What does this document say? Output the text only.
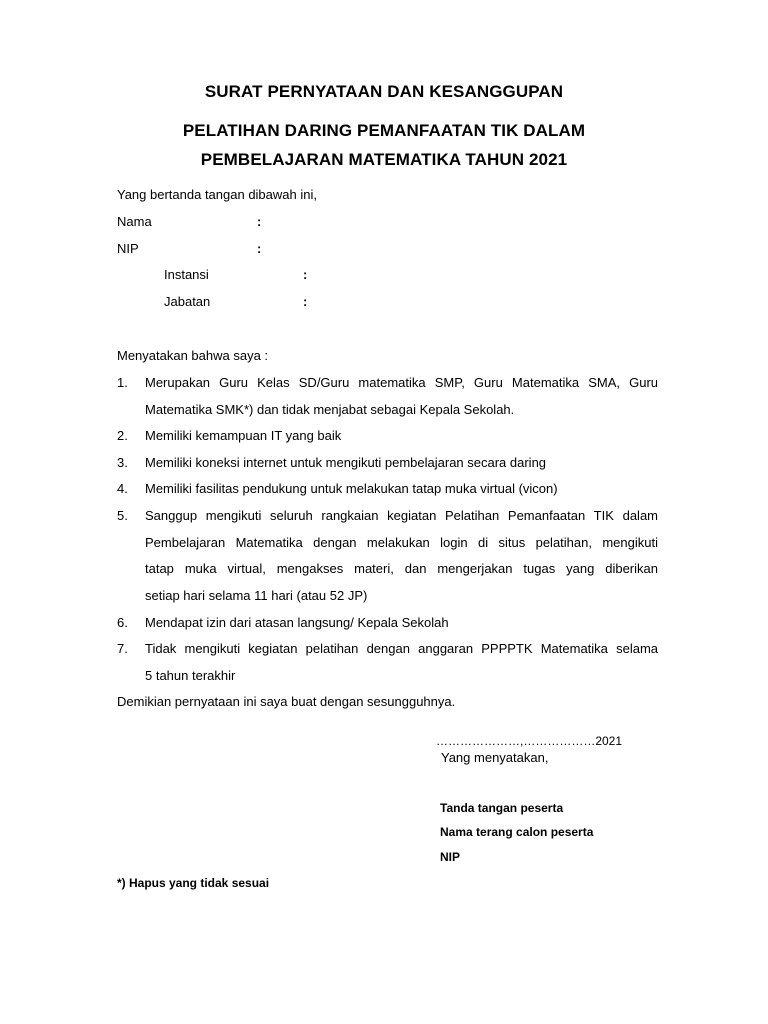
SURAT PERNYATAAN DAN KESANGGUPAN
PELATIHAN DARING PEMANFAATAN TIK DALAM
PEMBELAJARAN MATEMATIKA TAHUN 2021
Yang bertanda tangan dibawah ini,
Nama	:
NIP	:
Instansi	:
Jabatan	:
Menyatakan bahwa saya :
1. Merupakan Guru Kelas SD/Guru matematika SMP, Guru Matematika SMA, Guru
Matematika SMK*) dan tidak menjabat sebagai Kepala Sekolah.
2. Memiliki kemampuan IT yang baik
3. Memiliki koneksi internet untuk mengikuti pembelajaran secara daring
4. Memiliki fasilitas pendukung untuk melakukan tatap muka virtual (vicon)
5. Sanggup mengikuti seluruh rangkaian kegiatan Pelatihan Pemanfaatan TIK dalam
Pembelajaran Matematika dengan melakukan login di situs pelatihan, mengikuti
tatap muka virtual, mengakses materi, dan mengerjakan tugas yang diberikan
setiap hari selama 11 hari (atau 52 JP)
6. Mendapat izin dari atasan langsung/ Kepala Sekolah
7. Tidak mengikuti kegiatan pelatihan dengan anggaran PPPPTK Matematika selama
5 tahun terakhir
Demikian pernyataan ini saya buat dengan sesungguhnya.
…………………,………………2021
Yang menyatakan,
Tanda tangan peserta
Nama terang calon peserta
NIP
*) Hapus yang tidak sesuai
